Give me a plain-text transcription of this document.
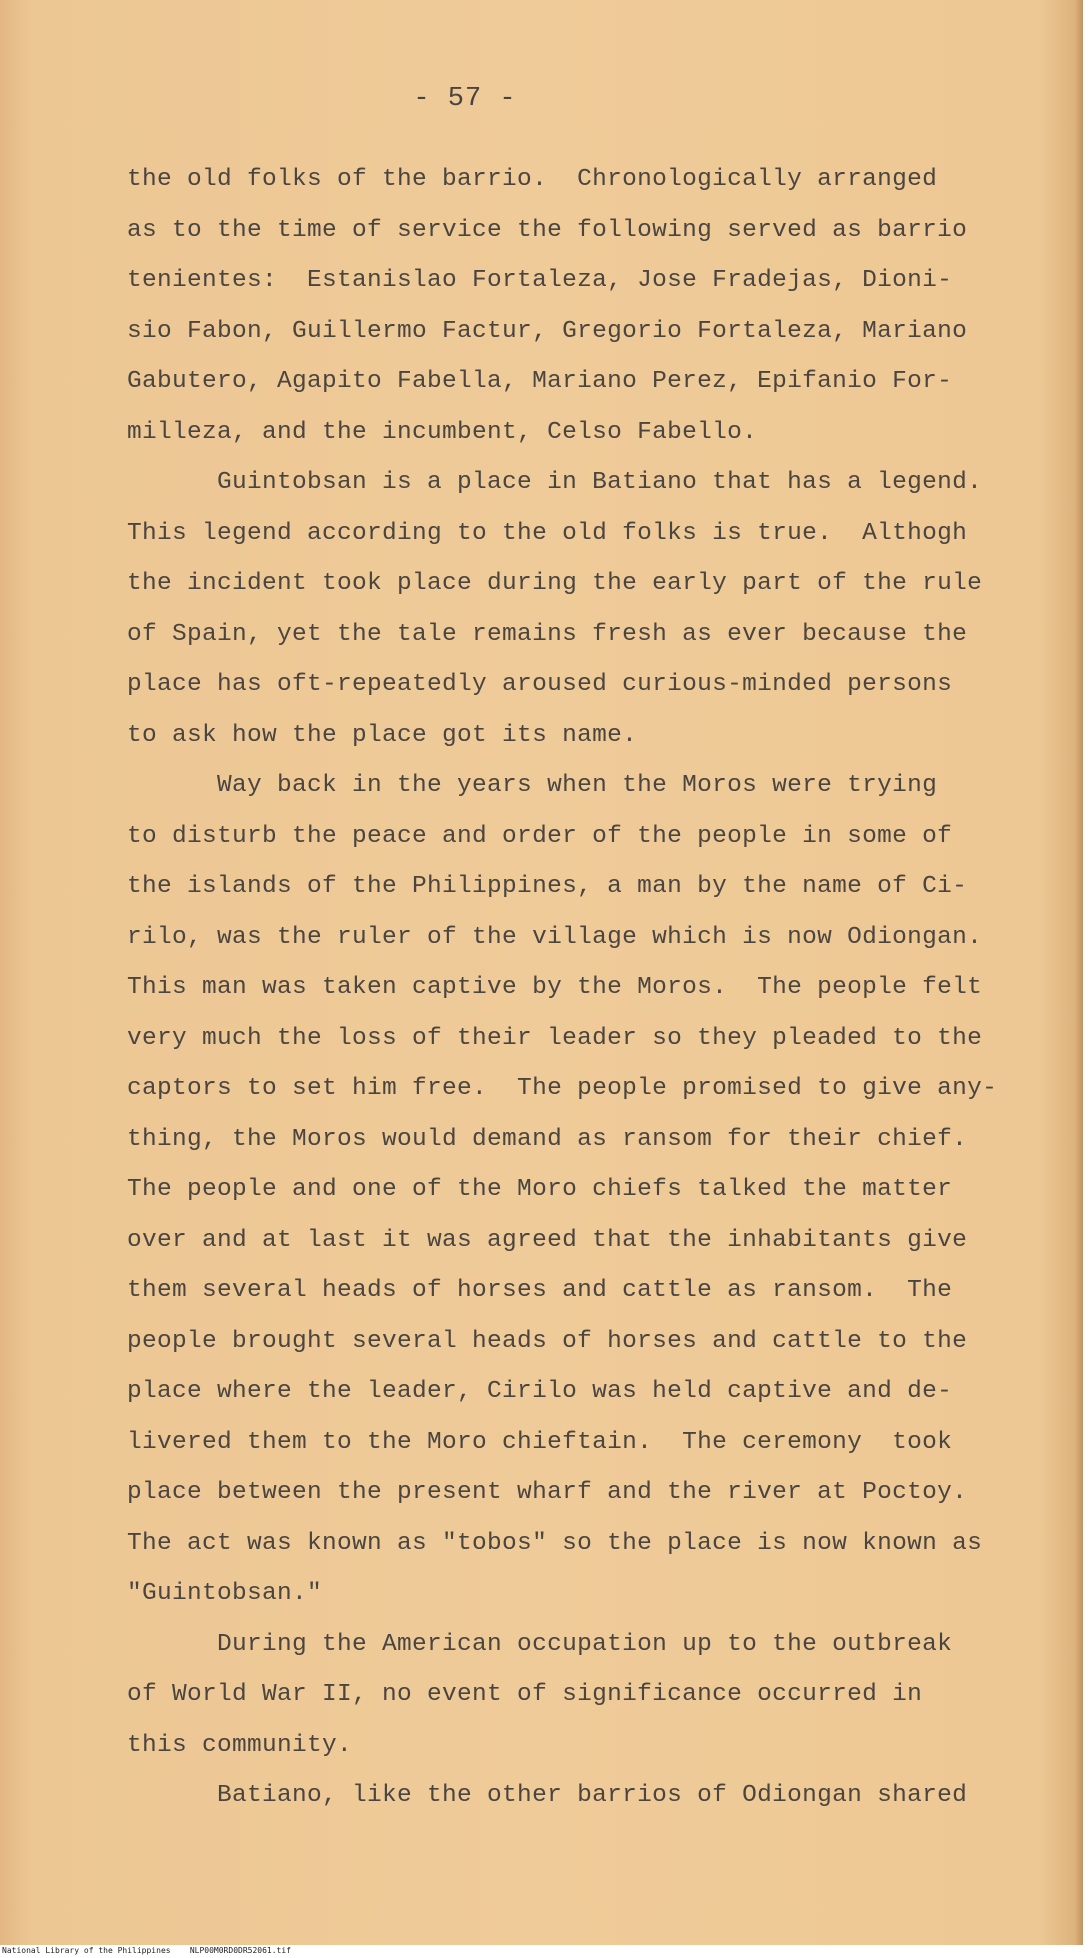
- 57 -
the old folks of the barrio.  Chronologically arranged
as to the time of service the following served as barrio
tenientes:  Estanislao Fortaleza, Jose Fradejas, Dioni-
sio Fabon, Guillermo Factur, Gregorio Fortaleza, Mariano
Gabutero, Agapito Fabella, Mariano Perez, Epifanio For-
milleza, and the incumbent, Celso Fabello.
Guintobsan is a place in Batiano that has a legend.
This legend according to the old folks is true.  Althogh
the incident took place during the early part of the rule
of Spain, yet the tale remains fresh as ever because the
place has oft-repeatedly aroused curious-minded persons
to ask how the place got its name.
Way back in the years when the Moros were trying
to disturb the peace and order of the people in some of
the islands of the Philippines, a man by the name of Ci-
rilo, was the ruler of the village which is now Odiongan.
This man was taken captive by the Moros.  The people felt
very much the loss of their leader so they pleaded to the
captors to set him free.  The people promised to give any-
thing, the Moros would demand as ransom for their chief.
The people and one of the Moro chiefs talked the matter
over and at last it was agreed that the inhabitants give
them several heads of horses and cattle as ransom.  The
people brought several heads of horses and cattle to the
place where the leader, Cirilo was held captive and de-
livered them to the Moro chieftain.  The ceremony  took
place between the present wharf and the river at Poctoy.
The act was known as "tobos" so the place is now known as
"Guintobsan."
During the American occupation up to the outbreak
of World War II, no event of significance occurred in
this community.
Batiano, like the other barrios of Odiongan shared
National Library of the Philippines    NLP00M0RD0DR52061.tif
